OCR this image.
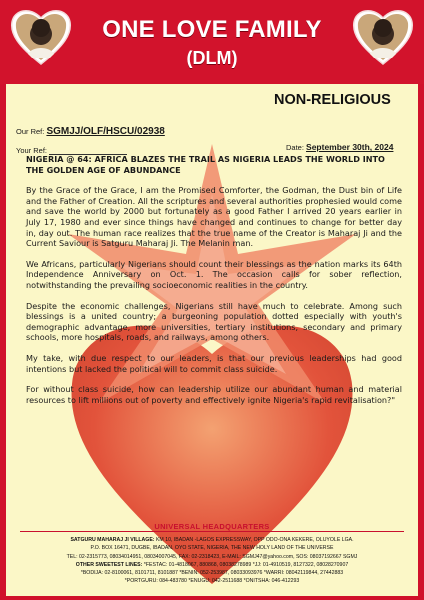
ONE LOVE FAMILY
(DLM)
Our Ref: SGMJJ/OLF/HSCU/02938
Your Ref:
NON-RELIGIOUS
Date: September 30th, 2024
NIGERIA @ 64: AFRICA BLAZES THE TRAIL AS NIGERIA LEADS THE WORLD INTO THE GOLDEN AGE OF ABUNDANCE

By the Grace of the Grace, I am the Promised Comforter, the Godman, the Dust bin of Life and the Father of Creation. All the scriptures and several authorities prophesied would come and save the world by 2000 but fortunately as a good Father I arrived 20 years earlier in July 17, 1980 and ever since things have changed and continues to change for better day in, day out. The human race realizes that the true name of the Creator is Maharaj Ji and the Current Saviour is Satguru Maharaj Ji. The Melanin man.

We Africans, particularly Nigerians should count their blessings as the nation marks its 64th Independence Anniversary on Oct. 1. The occasion calls for sober reflection, notwithstanding the prevailing socioeconomic realities in the country.

Despite the economic challenges, Nigerians still have much to celebrate. Among such blessings is a united country; a burgeoning population dotted especially with youth's demographic advantage, more universities, tertiary institutions, secondary and primary schools, more hospitals, roads, and railways, among others.

My take, with due respect to our leaders, is that our previous leaderships had good intentions but lacked the political will to commit class suicide.

For without class suicide, how can leadership utilize our abundant human and material resources to lift millions out of poverty and effectively ignite Nigeria's rapid revitalisation?"

UNIVERSAL HEADQUARTERS
SATGURU MAHARAJ JI VILLAGE: KM 10, IBADAN -LAGOS EXPRESSWAY, OPP ODO-ONA KEKERE, OLUYOLE LGA.
P.O. BOX 16471, DUGBE, IBADAN, OYO STATE, NIGERIA, THE NEW HOLY LAND OF THE UNIVERSE
TEL: 02-2315773, 08034014951, 08034007045, FAX: 02-2318423, E-MAIL: SGMJ47@yahoo.com, SOS: 08037192667 SGMJ
OTHER SWEETEST LINES: *FESTAC: 01-4818067, 880868, 08038278989 *JJ: 01-4910519, 8127322, 08028270907
*BODIJA: 02-8100061, 8101711, 8101887 *BENIN: 052-253987, 08033093976 *WARRI: 08042119844, 27442883
*PORTGURU: 084-483780 *ENUGU: 042-2511688 *ONITSHA: 046-412293
